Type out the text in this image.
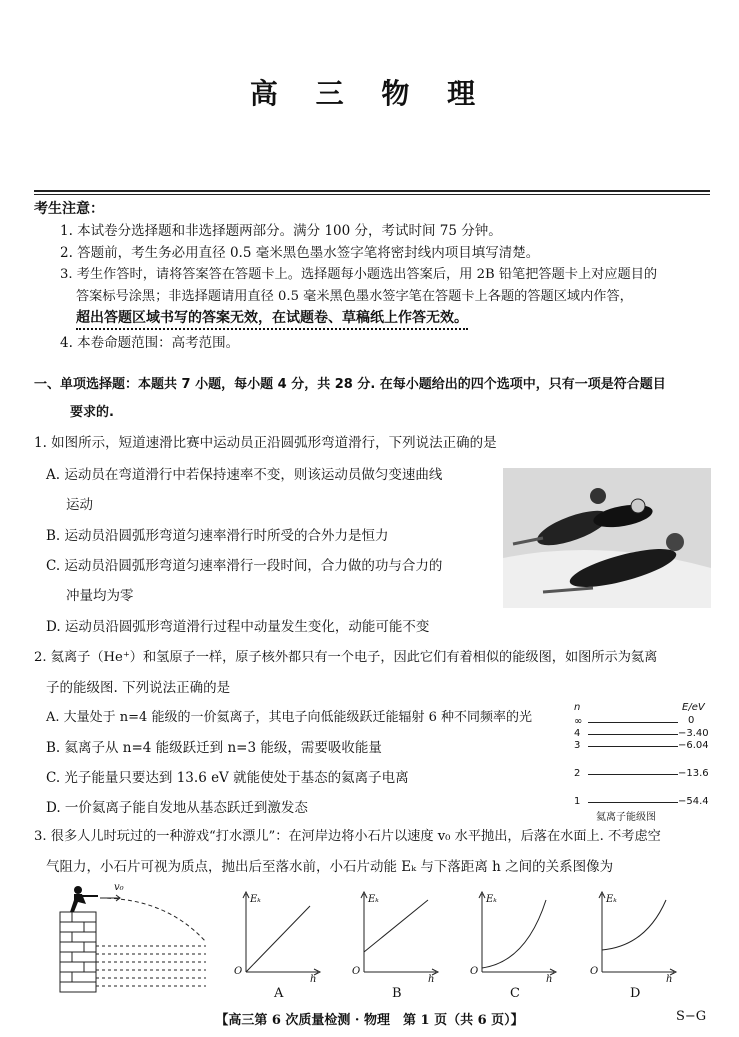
高 三 物 理
考生注意：
1. 本试卷分选择题和非选择题两部分。满分 100 分，考试时间 75 分钟。
2. 答题前，考生务必用直径 0.5 毫米黑色墨水签字笔将密封线内项目填写清楚。
3. 考生作答时，请将答案答在答题卡上。选择题每小题选出答案后，用 2B 铅笔把答题卡上对应题目的
答案标号涂黑；非选择题请用直径 0.5 毫米黑色墨水签字笔在答题卡上各题的答题区域内作答，
超出答题区域书写的答案无效，在试题卷、草稿纸上作答无效。
4. 本卷命题范围：高考范围。
一、单项选择题：本题共 7 小题，每小题 4 分，共 28 分. 在每小题给出的四个选项中，只有一项是符合题目
要求的.
1. 如图所示，短道速滑比赛中运动员正沿圆弧形弯道滑行，下列说法正确的是
A. 运动员在弯道滑行中若保持速率不变，则该运动员做匀变速曲线
运动
B. 运动员沿圆弧形弯道匀速率滑行时所受的合外力是恒力
C. 运动员沿圆弧形弯道匀速率滑行一段时间，合力做的功与合力的
冲量均为零
D. 运动员沿圆弧形弯道滑行过程中动量发生变化，动能可能不变
2. 氦离子（He⁺）和氢原子一样，原子核外都只有一个电子，因此它们有着相似的能级图，如图所示为氦离
子的能级图. 下列说法正确的是
A. 大量处于 n=4 能级的一价氦离子，其电子向低能级跃迁能辐射 6 种不同频率的光
B. 氦离子从 n=4 能级跃迁到 n=3 能级，需要吸收能量
C. 光子能量只要达到 13.6 eV 就能使处于基态的氦离子电离
D. 一价氦离子能自发地从基态跃迁到激发态
n	E/eV
∞	0
4	−3.40
3	−6.04
2	−13.6
1	−54.4
氦离子能级图
3. 很多人儿时玩过的一种游戏“打水漂儿”：在河岸边将小石片以速度 v₀ 水平抛出，后落在水面上. 不考虑空
气阻力，小石片可视为质点，抛出后至落水前，小石片动能 Eₖ 与下落距离 h 之间的关系图像为
v₀
Eₖ
h
O
A
Eₖ
h
O
B
Eₖ
h
O
C
Eₖ
h
O
D
【高三第 6 次质量检测 · 物理　第 1 页（共 6 页）】	S−G
